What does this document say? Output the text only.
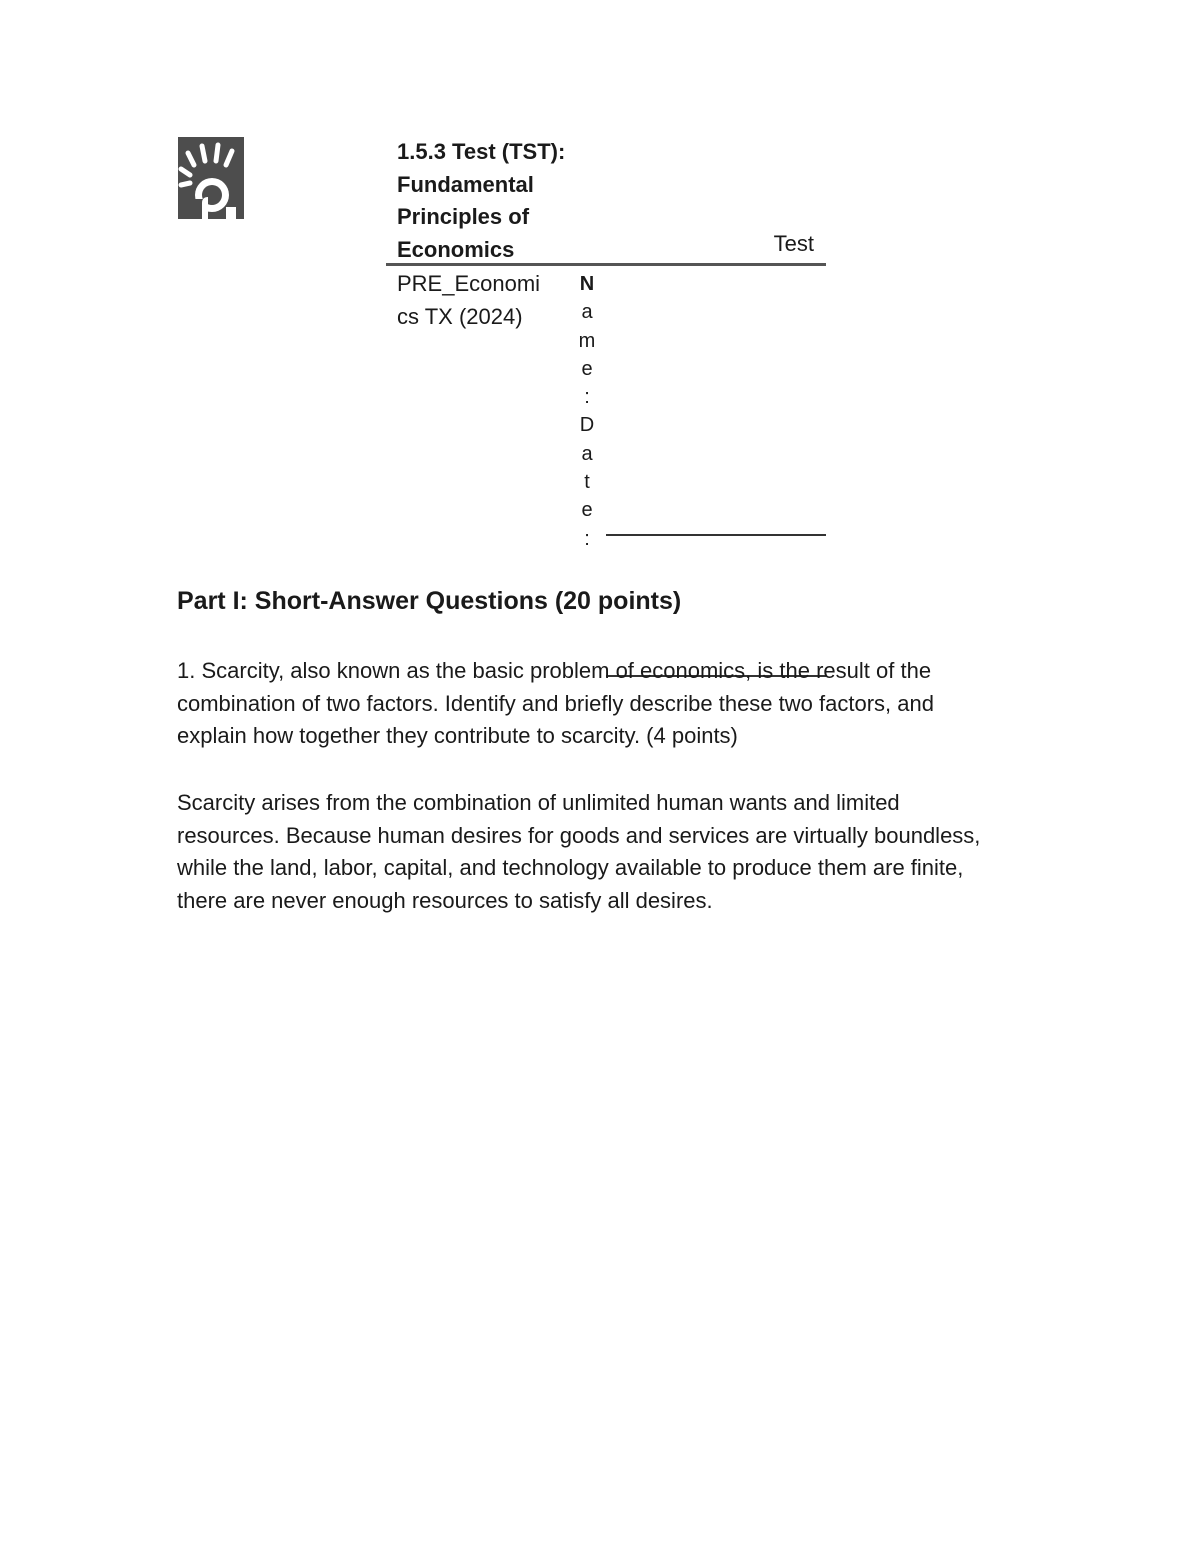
1.5.3 Test (TST):
Fundamental
Principles of
Economics	Test
PRE_Economi
cs TX (2024)
N
a
m
e
:
D
a
t
e
:
Part I: Short-Answer Questions (20 points)
1. Scarcity, also known as the basic problem of economics, is the result of the
combination of two factors. Identify and briefly describe these two factors, and
explain how together they contribute to scarcity. (4 points)
Scarcity arises from the combination of unlimited human wants and limited
resources. Because human desires for goods and services are virtually boundless,
while the land, labor, capital, and technology available to produce them are finite,
there are never enough resources to satisfy all desires.
